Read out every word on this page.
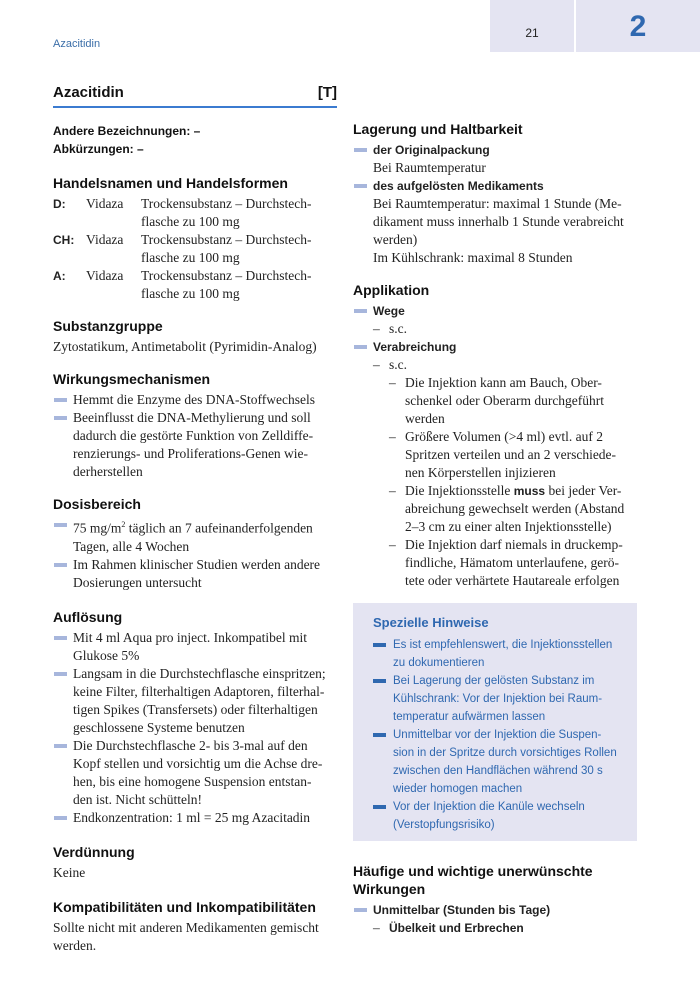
Azacitidin
21	2
Azacitidin	[T]
Andere Bezeichnungen: –
Abkürzungen: –
Handelsnamen und Handelsformen
D:	Vidaza	Trockensubstanz – Durchstech-
flasche zu 100 mg
CH: Vidaza	Trockensubstanz – Durchstech-
flasche zu 100 mg
A:	Vidaza	Trockensubstanz – Durchstech-
flasche zu 100 mg
Substanzgruppe
Zytostatikum, Antimetabolit (Pyrimidin-Analog)
Wirkungsmechanismen
Hemmt die Enzyme des DNA-Stoffwechsels
Beeinflusst die DNA-Methylierung und soll
dadurch die gestörte Funktion von Zelldiffe-
renzierungs- und Proliferations-Genen wie-
derherstellen
Dosisbereich
75 $mg/m^2$ täglich an 7 aufeinanderfolgenden
Tagen, alle 4 Wochen
Im Rahmen klinischer Studien werden andere
Dosierungen untersucht
Auflösung
Mit 4 ml Aqua pro inject. Inkompatibel mit
Glukose 5%
Langsam in die Durchstechflasche einspritzen;
keine Filter, filterhaltigen Adaptoren, filterhal-
tigen Spikes (Transfersets) oder filterhaltigen
geschlossene Systeme benutzen
Die Durchstechflasche 2- bis 3-mal auf den
Kopf stellen und vorsichtig um die Achse dre-
hen, bis eine homogene Suspension entstan-
den ist. Nicht schütteln!
Endkonzentration: 1 ml = 25 mg Azacitadin
Verdünnung
Keine
Kompatibilitäten und Inkompatibilitäten
Sollte nicht mit anderen Medikamenten gemischt
werden.
Lagerung und Haltbarkeit
der Originalpackung
Bei Raumtemperatur
des aufgelösten Medikaments
Bei Raumtemperatur: maximal 1 Stunde (Me-
dikament muss innerhalb 1 Stunde verabreicht
werden)
Im Kühlschrank: maximal 8 Stunden
Applikation
Wege
– s.c.
Verabreichung
– s.c.
– Die Injektion kann am Bauch, Ober-
schenkel oder Oberarm durchgeführt
werden
– Größere Volumen (>4 ml) evtl. auf 2
Spritzen verteilen und an 2 verschiede-
nen Körperstellen injizieren
– Die Injektionsstelle muss bei jeder Ver-
abreichung gewechselt werden (Abstand
2–3 cm zu einer alten Injektionsstelle)
– Die Injektion darf niemals in druckemp-
findliche, Hämatom unterlaufene, gerö-
tete oder verhärtete Hautareale erfolgen
Spezielle Hinweise
Es ist empfehlenswert, die Injektionsstellen
zu dokumentieren
Bei Lagerung der gelösten Substanz im
Kühlschrank: Vor der Injektion bei Raum-
temperatur aufwärmen lassen
Unmittelbar vor der Injektion die Suspen-
sion in der Spritze durch vorsichtiges Rollen
zwischen den Handflächen während 30 s
wieder homogen machen
Vor der Injektion die Kanüle wechseln
(Verstopfungsrisiko)
Häufige und wichtige unerwünschte
Wirkungen
Unmittelbar (Stunden bis Tage)
– Übelkeit und Erbrechen
